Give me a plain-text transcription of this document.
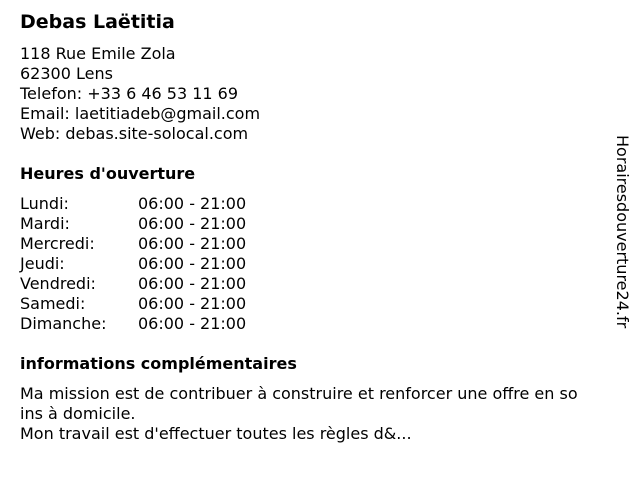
Debas Laëtitia
118 Rue Emile Zola
62300 Lens
Telefon: +33 6 46 53 11 69
Email: laetitiadeb@gmail.com
Web: debas.site-solocal.com
Heures d'ouverture
Lundi:	06:00 - 21:00
Mardi:	06:00 - 21:00
Mercredi:	06:00 - 21:00
Jeudi:	06:00 - 21:00
Vendredi:	06:00 - 21:00
Samedi:	06:00 - 21:00
Dimanche:	06:00 - 21:00
informations complémentaires
Ma mission est de contribuer à construire et renforcer une offre en so
ins à domicile.
Mon travail est d'effectuer toutes les règles d&...
Horairesdouverture24.fr
